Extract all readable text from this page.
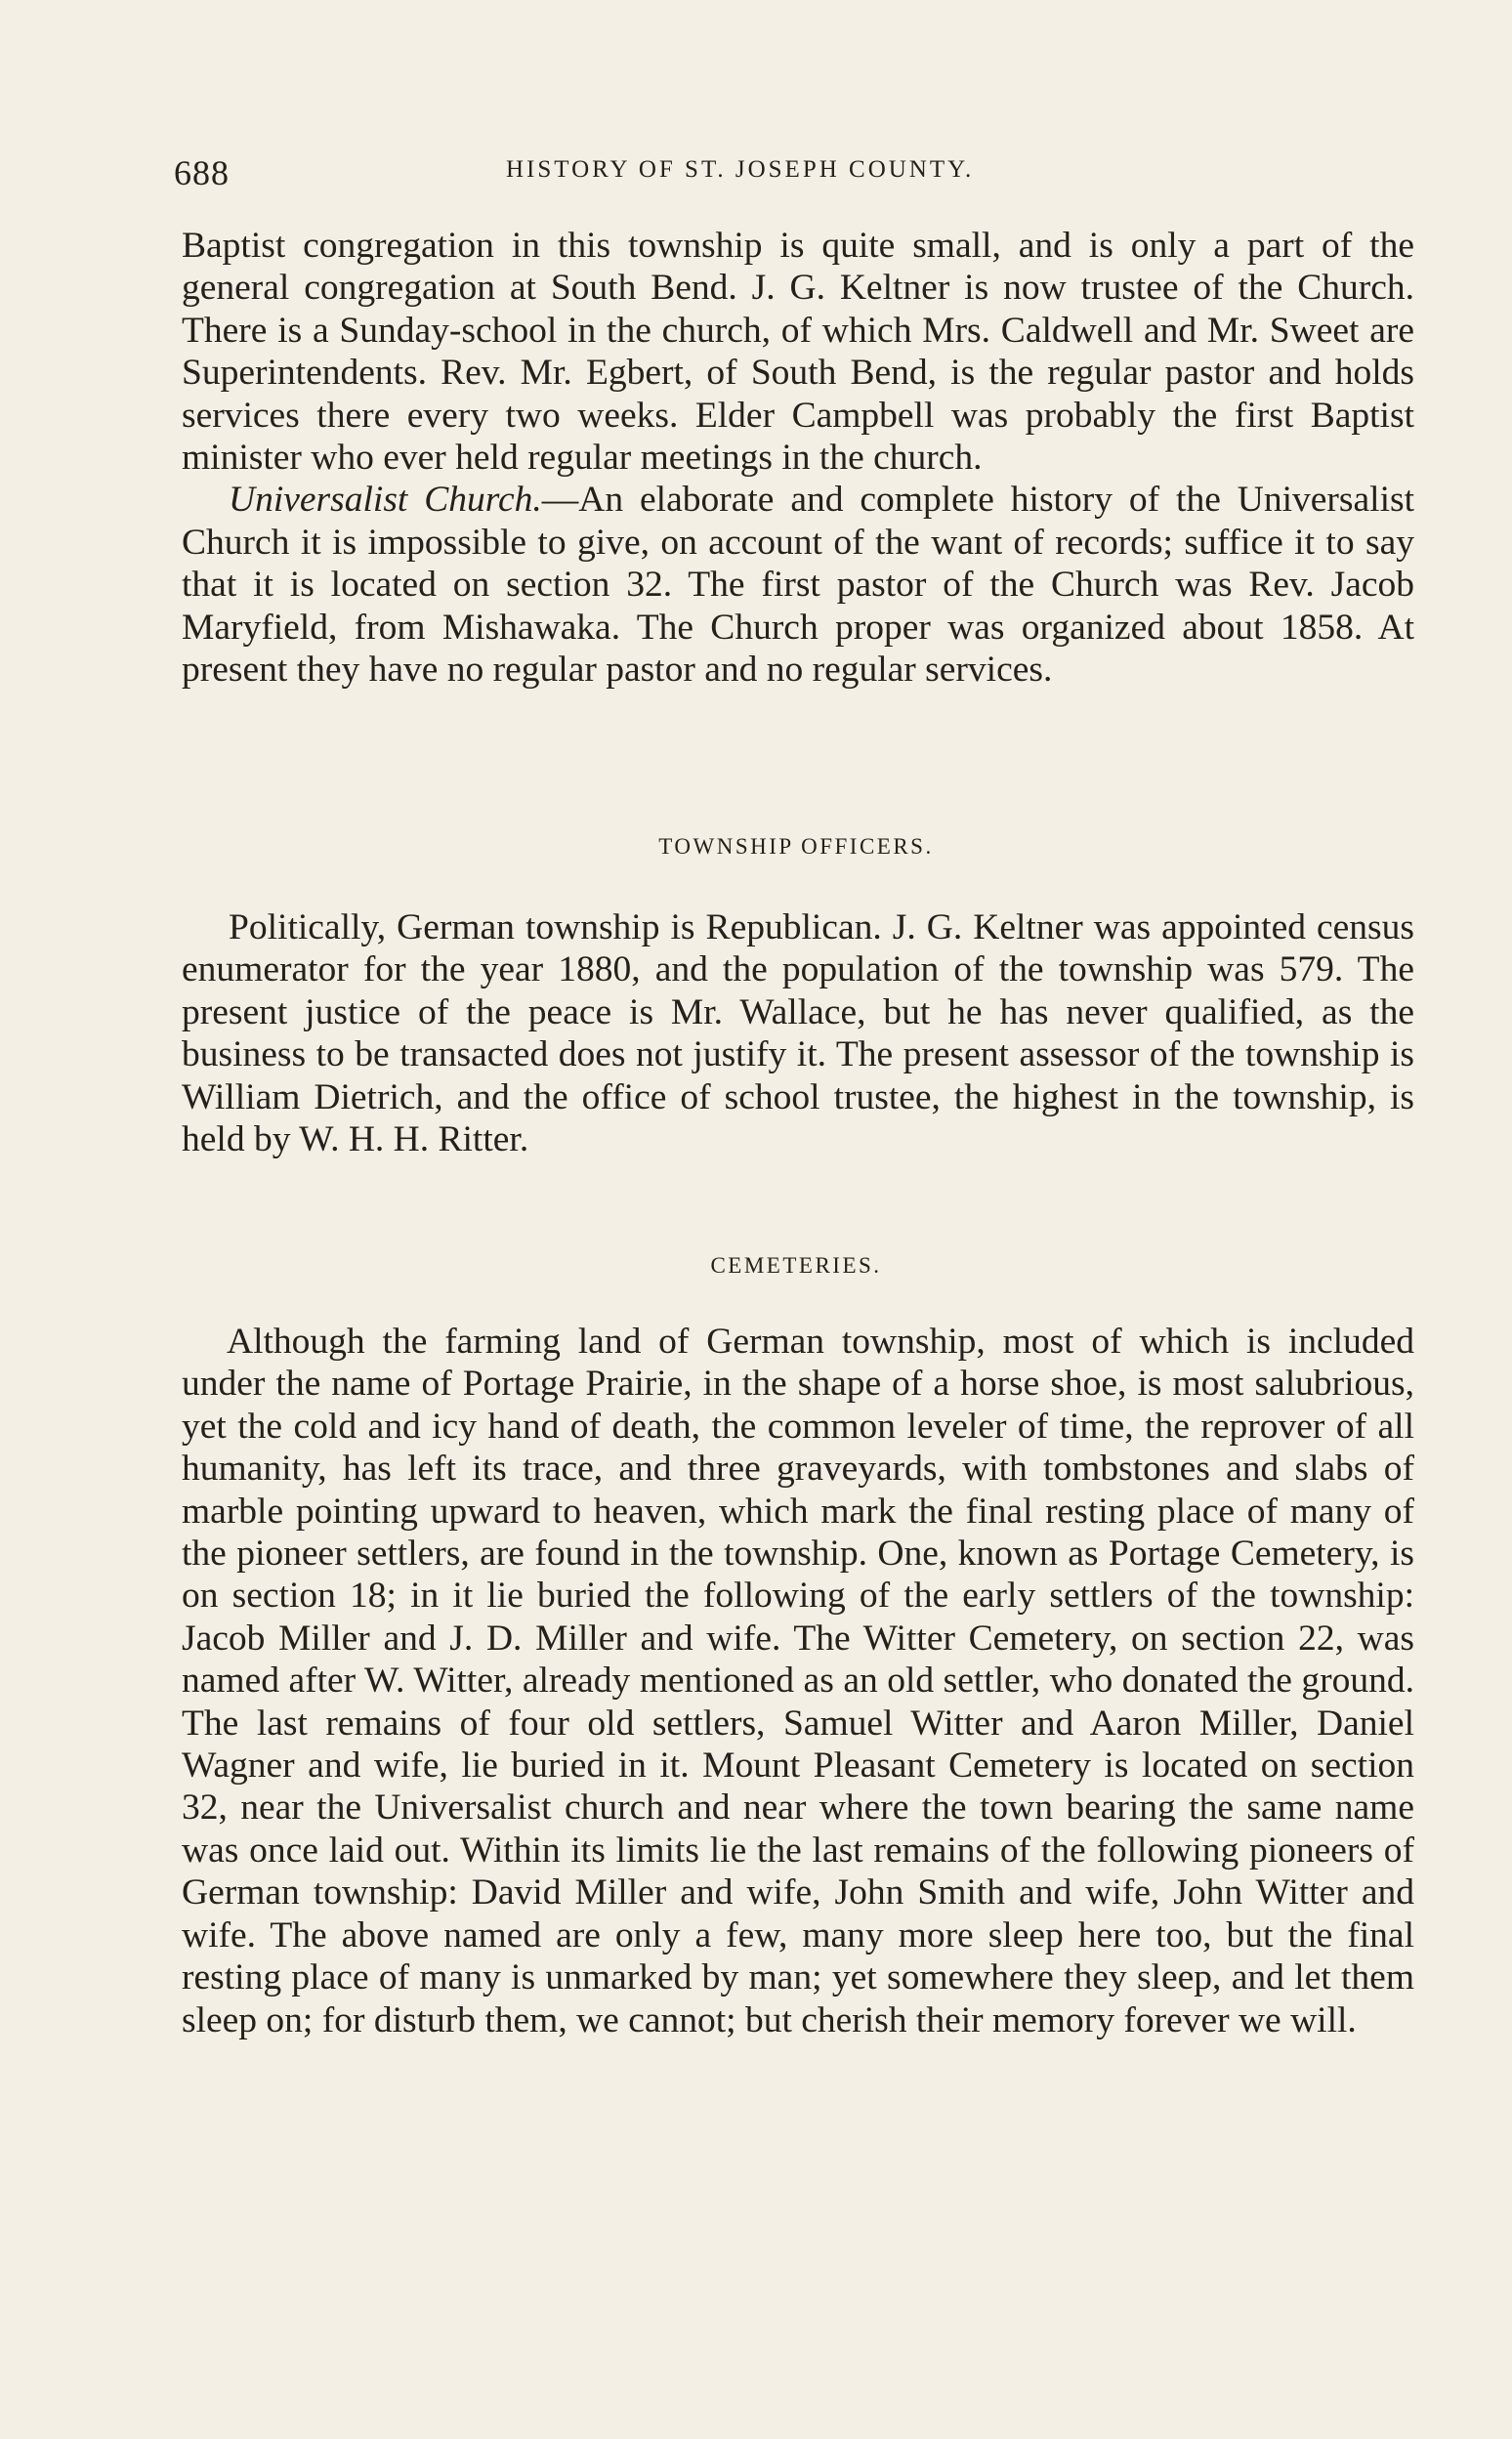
688	HISTORY OF ST. JOSEPH COUNTY.

Baptist congregation in this township is quite small, and is only a part of the general congregation at South Bend. J. G. Keltner is now trustee of the Church. There is a Sunday-school in the church, of which Mrs. Caldwell and Mr. Sweet are Superintendents. Rev. Mr. Egbert, of South Bend, is the regular pastor and holds services there every two weeks. Elder Campbell was probably the first Baptist minister who ever held regular meetings in the church.

Universalist Church.—An elaborate and complete history of the Universalist Church it is impossible to give, on account of the want of records; suffice it to say that it is located on section 32. The first pastor of the Church was Rev. Jacob Maryfield, from Mishawaka. The Church proper was organized about 1858. At present they have no regular pastor and no regular services.

TOWNSHIP OFFICERS.

Politically, German township is Republican. J. G. Keltner was appointed census enumerator for the year 1880, and the population of the township was 579. The present justice of the peace is Mr. Wallace, but he has never qualified, as the business to be transacted does not justify it. The present assessor of the township is William Dietrich, and the office of school trustee, the highest in the township, is held by W. H. H. Ritter.

CEMETERIES.

Although the farming land of German township, most of which is included under the name of Portage Prairie, in the shape of a horse shoe, is most salubrious, yet the cold and icy hand of death, the common leveler of time, the reprover of all humanity, has left its trace, and three graveyards, with tombstones and slabs of marble pointing upward to heaven, which mark the final resting place of many of the pioneer settlers, are found in the township. One, known as Portage Cemetery, is on section 18; in it lie buried the following of the early settlers of the township: Jacob Miller and J. D. Miller and wife. The Witter Cemetery, on section 22, was named after W. Witter, already mentioned as an old settler, who donated the ground. The last remains of four old settlers, Samuel Witter and Aaron Miller, Daniel Wagner and wife, lie buried in it. Mount Pleasant Cemetery is located on section 32, near the Universalist church and near where the town bearing the same name was once laid out. Within its limits lie the last remains of the following pioneers of German township: David Miller and wife, John Smith and wife, John Witter and wife. The above named are only a few, many more sleep here too, but the final resting place of many is unmarked by man; yet somewhere they sleep, and let them sleep on; for disturb them, we cannot; but cherish their memory forever we will.
